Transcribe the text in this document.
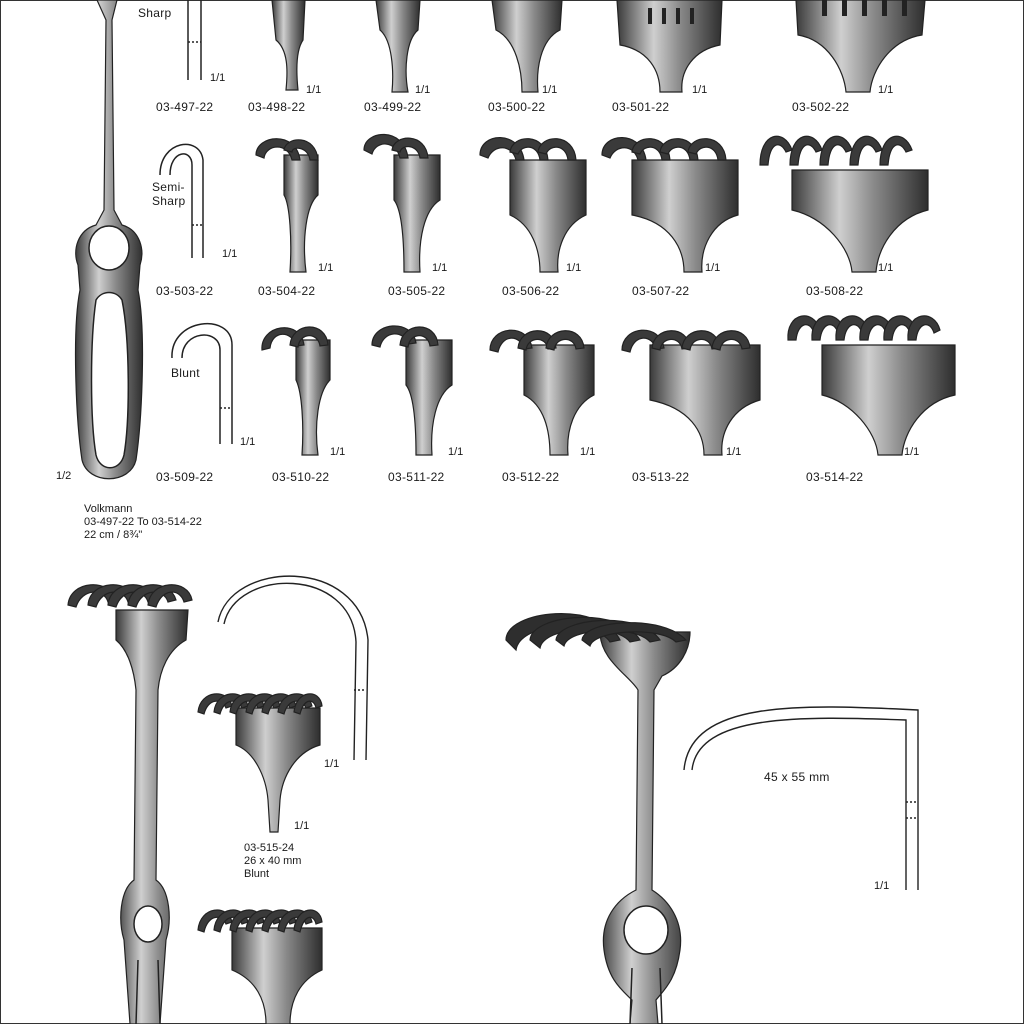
Sharp
Semi-
Sharp
Blunt
1/1
1/1	1/1	1/1	1/1	1/1
03-497-22	03-498-22	03-499-22	03-500-22	03-501-22	03-502-22
1/1
1/1	1/1	1/1	1/1	1/1
03-503-22	03-504-22	03-505-22	03-506-22	03-507-22	03-508-22
1/1
1/1	1/1	1/1	1/1	1/1
1/2	03-509-22	03-510-22	03-511-22	03-512-22	03-513-22	03-514-22
Volkmann
03-497-22 To 03-514-22
22 cm / 8¾"
1/1
1/1
03-515-24
26 x 40 mm
Blunt
45 x 55 mm
1/1
